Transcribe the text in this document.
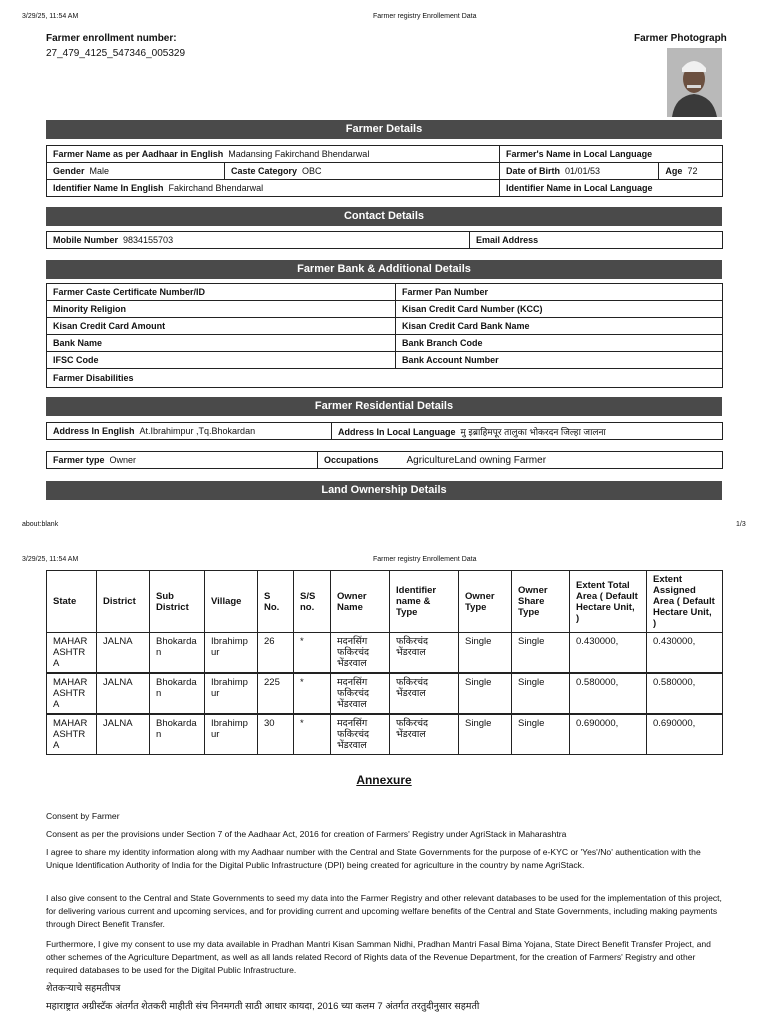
3/29/25, 11:54 AM	Farmer registry Enrollement Data
Farmer enrollment number:
27_479_4125_547346_005329
Farmer Photograph
Farmer Details
Farmer Name as per Aadhaar in English Madansing Fakirchand Bhendarwal		Farmer's Name in Local Language	
Gender Male	Caste Category OBC	Date of Birth 01/01/53	Age 72
Identifier Name In English Fakirchand Bhendarwal		Identifier Name in Local Language	
Contact Details
Mobile Number 9834155703	Email Address
Farmer Bank & Additional Details
Farmer Caste Certificate Number/ID	Farmer Pan Number
Minority Religion	Kisan Credit Card Number (KCC)
Kisan Credit Card Amount	Kisan Credit Card Bank Name
Bank Name	Bank Branch Code
IFSC Code	Bank Account Number
Farmer Disabilities	
Farmer Residential Details
Address In English At.Ibrahimpur ,Tq.Bhokardan	Address In Local Language मु इब्राहिमपूर तालुका भोकरदन जिल्हा जालना
Farmer type Owner	Occupations	AgricultureLand owning Farmer
Land Ownership Details
about:blank	1/3
3/29/25, 11:54 AM	Farmer registry Enrollement Data
State	District	Sub District	Village	S No.	S/S no.	Owner Name	Identifier name & Type	Owner Type	Owner Share Type	Extent Total Area ( Default Hectare Unit, )	Extent Assigned Area ( Default Hectare Unit, )
MAHARASHTRA	JALNA	Bhokardan	Ibrahimpur	26	*	मदनसिंग फकिरचंद भेंडरवाल	फकिरचंद भेंडरवाल	Single	Single	0.430000,	0.430000,
MAHARASHTRA	JALNA	Bhokardan	Ibrahimpur	225	*	मदनसिंग फकिरचंद भेंडरवाल	फकिरचंद भेंडरवाल	Single	Single	0.580000,	0.580000,
MAHARASHTRA	JALNA	Bhokardan	Ibrahimpur	30	*	मदनसिंग फकिरचंद भेंडरवाल	फकिरचंद भेंडरवाल	Single	Single	0.690000,	0.690000,
Annexure
Consent by Farmer
Consent as per the provisions under Section 7 of the Aadhaar Act, 2016 for creation of Farmers' Registry under AgriStack in Maharashtra
I agree to share my identity information along with my Aadhaar number with the Central and State Governments for the purpose of e-KYC or 'Yes'/No' authentication with the Unique Identification Authority of India for the Digital Public Infrastructure (DPI) being created for agriculture in the country by name AgriStack.
I also give consent to the Central and State Governments to seed my data into the Farmer Registry and other relevant databases to be used for the implementation of this project, for delivering various current and upcoming services, and for providing current and upcoming welfare benefits of the Central and State Governments, including making payments through Direct Benefit Transfer.
Furthermore, I give my consent to use my data available in Pradhan Mantri Kisan Samman Nidhi, Pradhan Mantri Fasal Bima Yojana, State Direct Benefit Transfer Project, and other schemes of the Agriculture Department, as well as all lands related Record of Rights data of the Revenue Department, for the creation of Farmers' Registry and other required databases to be used for the Digital Public Infrastructure.
शेतकऱ्याचे सहमतीपत्र
महाराष्ट्रात अग्रीस्टॅक अंतर्गत शेतकरी माहीती संच निनमगती साठी आधार कायदा, 2016 च्या कलम 7 अंतर्गत तरतुदीनुसार सहमती
